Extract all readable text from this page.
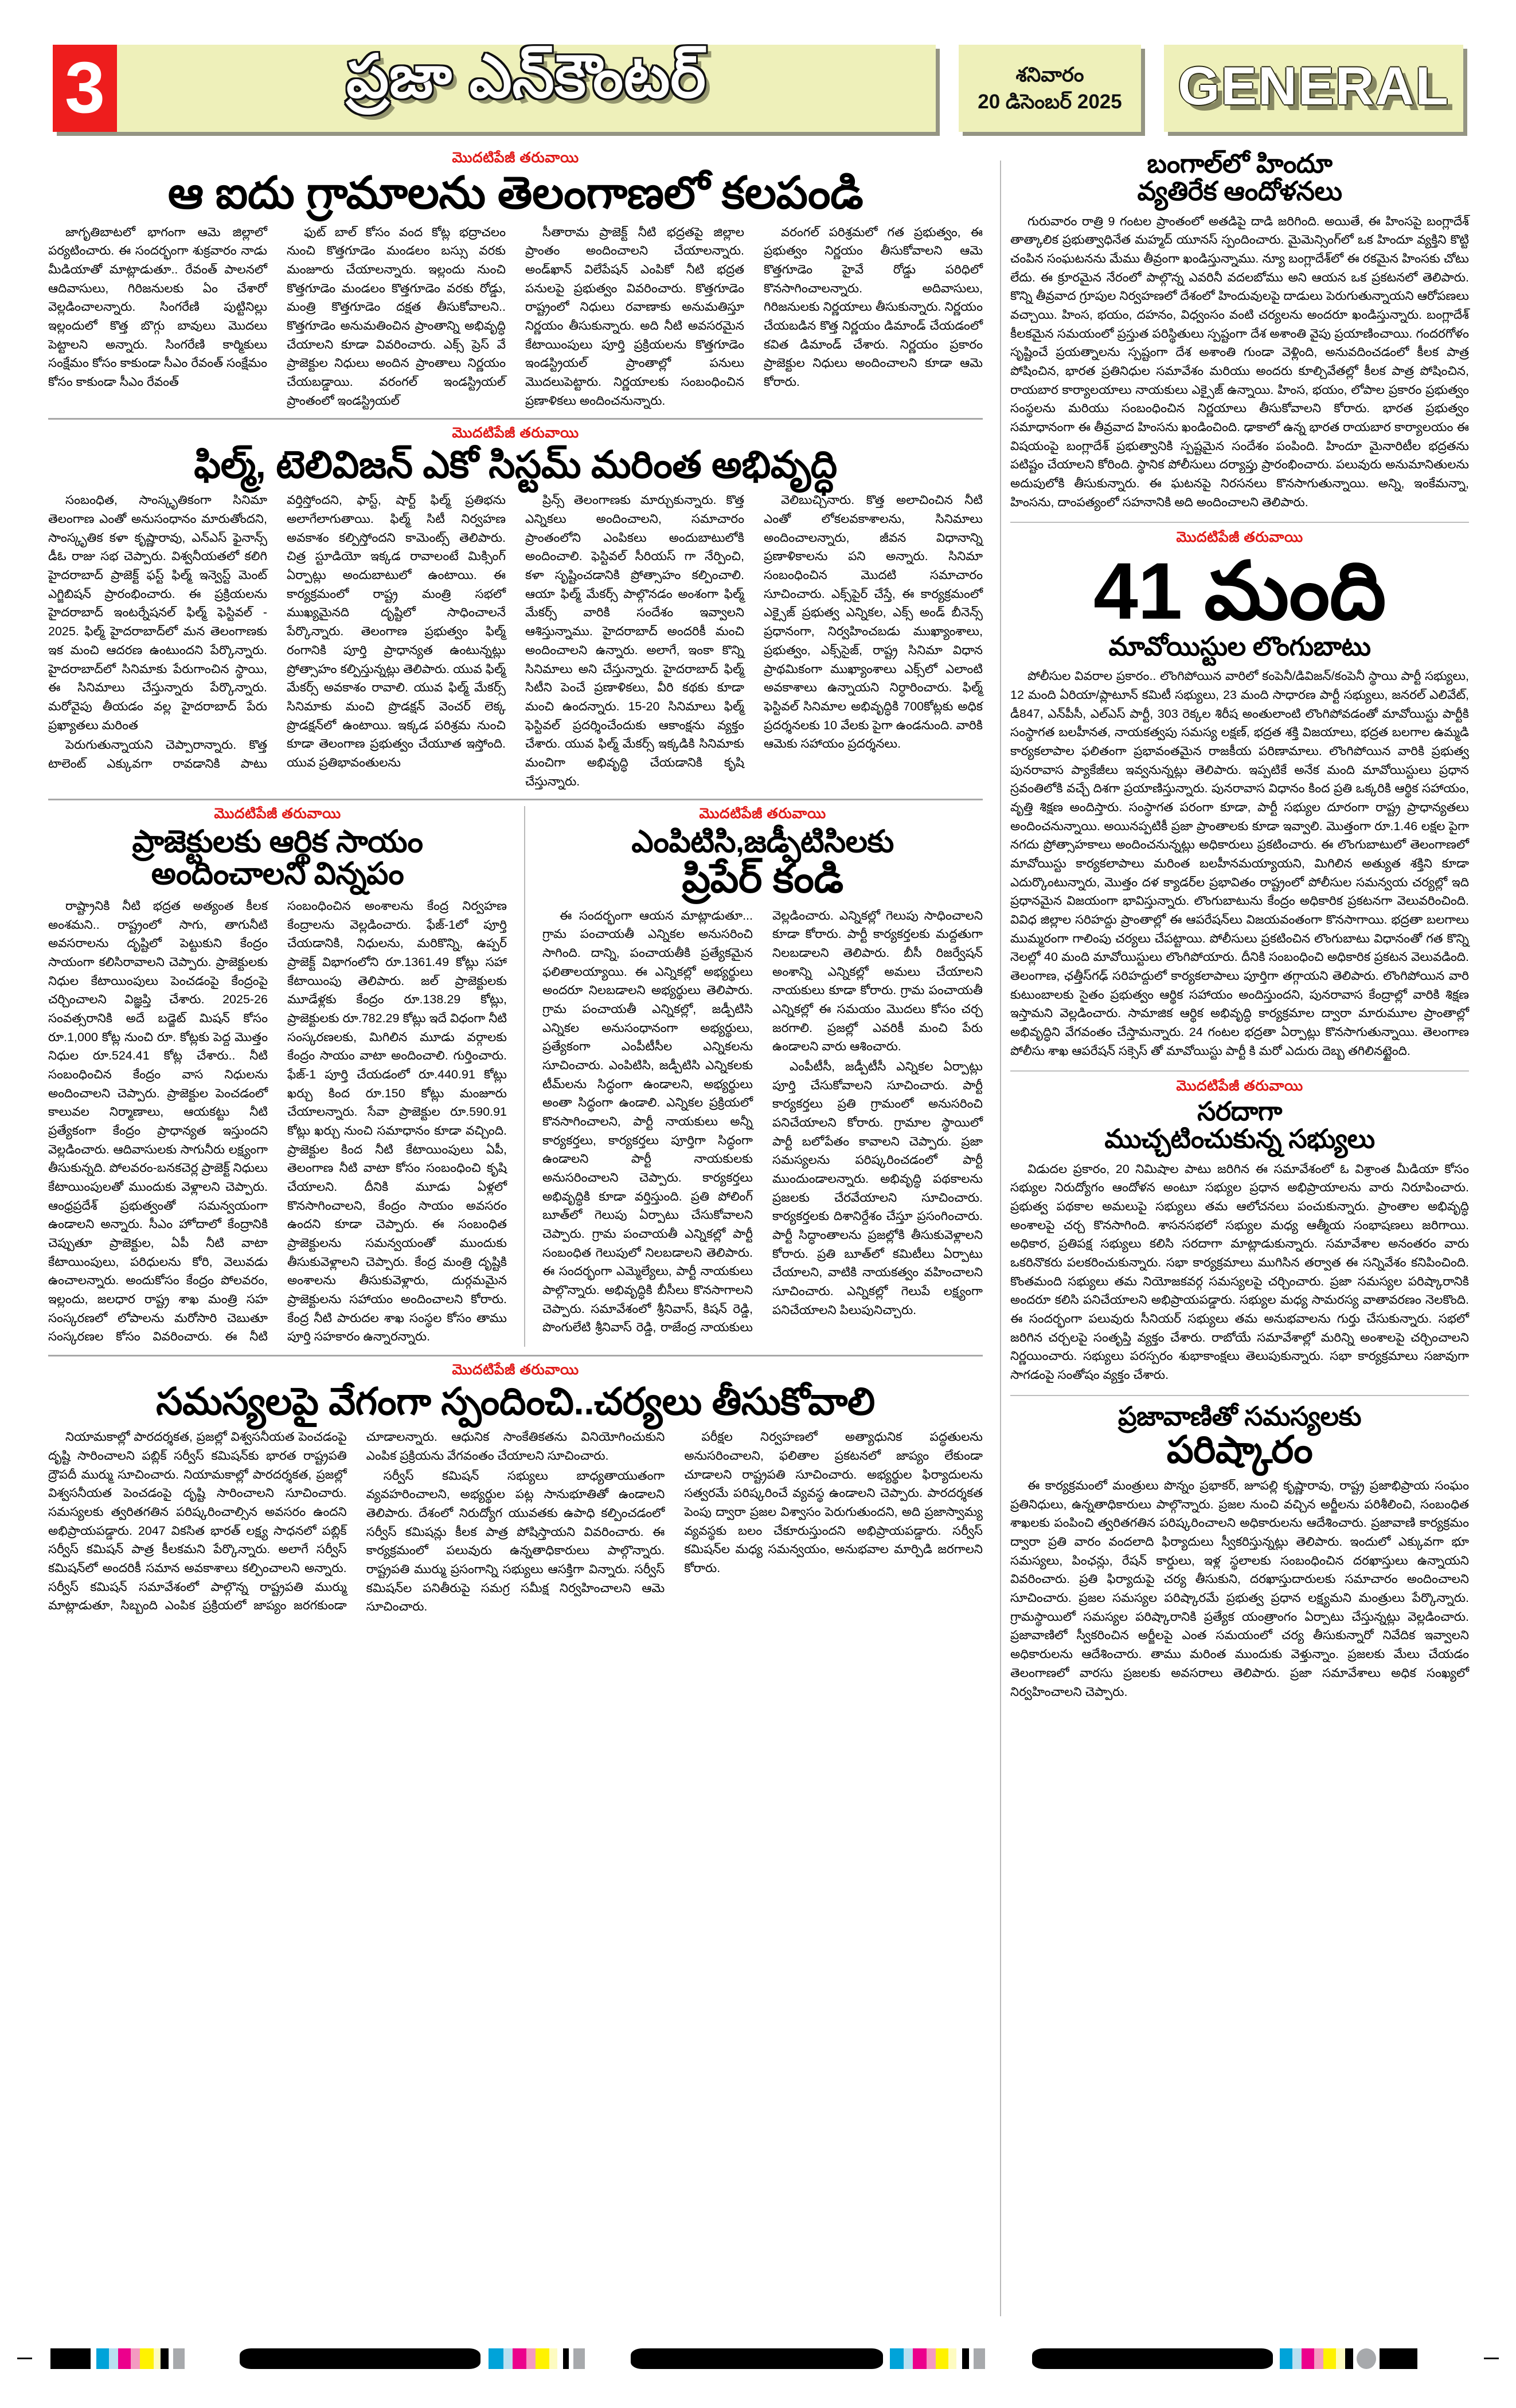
3	ప్రజా ఎన్‌కౌంటర్	శనివారం
20 డిసెంబర్ 2025 GENERAL
మొదటిపేజీ తరువాయి
ఆ ఐదు గ్రామాలను తెలంగాణలో కలపండి

జాగృతిబాటలో భాగంగా ఆమె జిల్లాలో పర్యటించారు. ఈ సందర్భంగా శుక్రవారం నాడు మీడియాతో మాట్లాడుతూ.. రేవంత్ పాలనలో ఆదివాసులు, గిరిజనులకు ఏం చేశారో వెల్లడించాలన్నారు. సింగరేణి పుట్టినిల్లు ఇల్లందులో కొత్త బొగ్గు బావులు మొదలు పెట్టాలని అన్నారు. సింగరేణి కార్మికులు సంక్షేమం కోసం కాకుండా సీఎం రేవంత్ సంక్షేమం కోసం కాకుండా సీఎం రేవంత్

ఫుట్ బాల్ కోసం వంద కోట్ల భద్రాచలం నుంచి కొత్తగూడెం మండలం బస్సు వరకు మంజూరు చేయాలన్నారు. ఇల్లందు నుంచి కొత్తగూడెం మండలం కొత్తగూడెం వరకు రోడ్డు, మంత్రి కొత్తగూడెం దక్షత తీసుకోవాలని.. కొత్తగూడెం అనుమతించిన ప్రాంతాన్ని అభివృద్ధి చేయాలని కూడా వివరించారు. ఎక్స్ ప్రెస్ వే ప్రాజెక్టుల నిధులు అందిన ప్రాంతాలు నిర్ణయం చేయబడ్డాయి. వరంగల్ ఇండస్ట్రియల్ ప్రాంతంలో ఇండస్ట్రియల్

సీతారామ ప్రాజెక్ట్ నీటి భద్రతపై జిల్లాల ప్రాంతం అందించాలని చేయాలన్నారు. అండ్‌ఖాన్ విలేపేషన్ ఎంపికో నీటి భద్రత పనులపై ప్రభుత్వం వివరించారు. కొత్తగూడెం రాష్ట్రంలో నిధులు రవాణాకు అనుమతిస్తూ నిర్ణయం తీసుకున్నారు. అది నీటి అవసరమైన కేటాయింపులు పూర్తి ప్రక్రియలను కొత్తగూడెం ఇండస్ట్రియల్ ప్రాంతాల్లో పనులు మొదలుపెట్టారు. నిర్ణయాలకు సంబంధించిన ప్రణాళికలు అందించనున్నారు.

వరంగల్ పరిశ్రమలో గత ప్రభుత్వం, ఈ ప్రభుత్వం నిర్ణయం తీసుకోవాలని ఆమె కొత్తగూడెం హైవే రోడ్డు పరిధిలో కొనసాగించాలన్నారు. అదివాసులు, గిరిజనులకు నిర్ణయాలు తీసుకున్నారు. నిర్ణయం చేయబడిన కొత్త నిర్ణయం డిమాండ్ చేయడంలో కవిత డిమాండ్ చేశారు. నిర్ణయం ప్రకారం ప్రాజెక్టుల నిధులు అందించాలని కూడా ఆమె కోరారు.

మొదటిపేజీ తరువాయి
ఫిల్మ్, టెలివిజన్ ఎకో సిస్టమ్ మరింత అభివృద్ధి

సంబంధిత, సాంస్కృతికంగా సినిమా తెలంగాణ ఎంతో అనుసంధానం మారుతోందని, సాంస్కృతిక కళా కృష్ణారావు, ఎన్‌ఎస్‌ ఫైనాన్స్ డీఓ రాజు సభ చెప్పారు. విశ్వనీయతలో కలిగి హైదరాబాద్ ప్రాజెక్ట్ ఫస్ట్ ఫిల్మ్ ఇన్వెస్ట్ మెంట్ ఎగ్జిబిషన్ ప్రారంభించారు. ఈ ప్రక్రియలను హైదరాబాద్ ఇంటర్నేషనల్ ఫిల్మ్ ఫెస్టివల్ - 2025. ఫిల్మ్ హైదరాబాద్‌లో మన తెలంగాణకు ఇక మంచి ఆదరణ ఉంటుందని పేర్కొన్నారు. హైదరాబాద్‌లో సినిమాకు పేరుగాంచిన స్థాయి, ఈ సినిమాలు చేస్తున్నారు పేర్కొన్నారు. మరోవైపు తీయడం వల్ల హైదరాబాద్ పేరు ప్రఖ్యాతలు మరింత

పెరుగుతున్నాయని చెప్పారాన్నారు. కొత్త టాలెంట్ ఎక్కువగా రావడానికి పాటు వర్తిస్తోందని, ఫాస్ట్, షార్ట్ ఫిల్మ్ ప్రతిభను అలాగేలాగుతాయి. ఫిల్మ్ సిటీ నిర్వహణ అవకాశం కల్పిస్తోందని కామెంట్స్ తెలిపారు. చిత్ర స్టూడియో ఇక్కడ రావాలంటే మిక్సింగ్ ఏర్పాట్లు అందుబాటులో ఉంటాయి. ఈ కార్యక్రమంలో రాష్ట్ర మంత్రి సభలో ముఖ్యమైనది దృష్టిలో సాధించాలనే పేర్కొన్నారు. తెలంగాణ ప్రభుత్వం ఫిల్మ్ రంగానికి పూర్తి ప్రాధాన్యత ఉంటున్నట్లు ప్రోత్సాహం కల్పిస్తున్నట్లు తెలిపారు. యువ ఫిల్మ్ మేకర్స్ అవకాశం రావాలి. యువ ఫిల్మ్ మేకర్స్ సినిమాకు మంచి ప్రొడక్షన్ వెంచర్ లెక్క ప్రొడక్షన్‌లో ఉంటాయి. ఇక్కడ పరిశ్రమ నుంచి కూడా తెలంగాణ ప్రభుత్వం చేయూత ఇస్తోంది. యువ ప్రతిభావంతులను

ప్రిన్స్ తెలంగాణకు మార్చుకున్నారు. కొత్త ఎన్నికలు అందించాలని, సమాచారం ప్రాంతంలోని ఎంపికలు అందుబాటులోకి అందించాలి. ఫెస్టివల్ సీరియస్ గా నేర్పించి, కళా సృష్టించడానికి ప్రోత్సాహం కల్పించాలి. ఆయా ఫిల్మ్ మేకర్స్ పాల్గొనడం అంశంగా ఫిల్మ్ మేకర్స్ వారికి సందేశం ఇవ్వాలని ఆశిస్తున్నాము. హైదరాబాద్ అందరికీ మంచి అందించాలని ఉన్నారు. అలాగే, ఇంకా కొన్ని సినిమాలు అని చేస్తున్నారు. హైదరాబాద్ ఫిల్మ్ సిటీని పెంచే ప్రణాళికలు, వీరి కథకు కూడా మంచి ఉందన్నారు. 15-20 సినిమాలు ఫిల్మ్ ఫెస్టివల్ ప్రదర్శించేందుకు ఆకాంక్షను వ్యక్తం చేశారు. యువ ఫిల్మ్ మేకర్స్ ఇక్కడికి సినిమాకు మంచిగా అభివృద్ధి చేయడానికి కృషి చేస్తున్నారు.

వెలిబుచ్చినారు. కొత్త అలాచించిన నీటి ఎంతో లోకలవకాశాలను, సినిమాలు అందించాలన్నారు, జీవన విధానాన్ని ప్రణాళికాలను పని అన్నారు. సినిమా సంబంధించిన మొదటి సమాచారం సూచించారు. ఎక్స్‌పైర్ చేస్తే, ఈ కార్యక్రమంలో ఎక్సైజ్ ప్రభుత్వ ఎన్నికల, ఎక్స్‌ అండ్ బీనెన్స్ ప్రధానంగా, నిర్వహించబడు ముఖ్యాంశాలు, ప్రభుత్వం, ఎక్స్‌సైజ్, రాష్ట్ర సినిమా విధాన ప్రాథమికంగా ముఖ్యాంశాలు ఎక్స్‌లో ఎలాంటి అవకాశాలు ఉన్నాయని నిర్ధారించారు. ఫిల్మ్ ఫెస్టివల్ సినిమాల అభివృద్ధికి 700కోట్లకు అధిక ప్రదర్శనలకు 10 వేలకు పైగా ఉండనుంది. వారికి ఆమెకు సహాయం ప్రదర్శనలు.

మొదటిపేజీ తరువాయి
ప్రాజెక్టులకు ఆర్థిక సాయం
అందించాలని విన్నపం

రాష్ట్రానికి నీటి భద్రత అత్యంత కీలక అంశమని.. రాష్ట్రంలో సాగు, తాగునీటి అవసరాలను దృష్టిలో పెట్టుకుని కేంద్రం సాయంగా కలిసిరావాలని చెప్పారు. ప్రాజెక్టులకు నిధుల కేటాయింపులు పెంచడంపై కేంద్రంపై చర్చించాలని విజ్ఞప్తి చేశారు. 2025-26 సంవత్సరానికి అదే బడ్జెట్ మిషన్ కోసం రూ.1,000 కోట్ల నుంచి రూ. కోట్లకు పెద్ద మొత్తం నిధుల రూ.524.41 కోట్ల చేశారు.. నీటి సంబంధించిన కేంద్రం వాస నిధులను అందించాలని చెప్పారు. ప్రాజెక్టుల పెంచడంలో కాలువల నిర్మాణాలు, ఆయకట్టు నీటి ప్రత్యేకంగా కేంద్రం ప్రాధాన్యత ఇస్తుందని వెల్లడించారు. ఆదివాసులకు సాగునీరు లక్ష్యంగా తీసుకున్నది. పోలవరం-బనకచెర్ల ప్రాజెక్ట్ నిధులు కేటాయింపులతో ముందుకు వెళ్లాలని చెప్పారు. ఆంధ్రప్రదేశ్ ప్రభుత్వంతో సమన్వయంగా ఉండాలని అన్నారు. సీఎం హోదాలో కేంద్రానికి చెప్పుతూ ప్రాజెక్టుల, ఏపీ నీటి వాటా కేటాయింపులు, పరిధులను కోరి, వెలువడు ఉంచాలన్నారు. అందుకోసం కేంద్రం పోలవరం, ఇల్లందు, జలధార రాష్ట్ర శాఖ మంత్రి సహ సంస్కరణలో లోపాలను మరోసారి చెబుతూ సంస్కరణల కోసం వివరించారు. ఈ నీటి సంబంధించిన అంశాలను కేంద్ర నిర్వహణ కేంద్రాలను వెల్లడించారు. ఫేజ్-1లో పూర్తి చేయడానికి, నిధులను, మరికొన్ని, ఉప్పర్ ప్రాజెక్ట్ విభాగంలోని రూ.1361.49 కోట్లు సహా కేటాయింపు తెలిపారు. జల్ ప్రాజెక్టులకు మూడేళ్లకు కేంద్రం రూ.138.29 కోట్లు, ప్రాజెక్టులకు రూ.782.29 కోట్లు ఇదే విధంగా నీటి సంస్కరణలకు, మిగిలిన మూడు వర్గాలకు కేంద్రం సాయం వాటా అందించాలి. గుర్తించారు. ఫేజ్-1 పూర్తి చేయడంలో రూ.440.91 కోట్లు ఖర్చు కింద రూ.150 కోట్లు మంజూరు చేయాలన్నారు. సేవా ప్రాజెక్టుల రూ.590.91 కోట్లు ఖర్చు నుంచి సమాధానం కూడా వచ్చింది. ప్రాజెక్టుల కింద నీటి కేటాయింపులు ఏపీ, తెలంగాణ నీటి వాటా కోసం సంబంధించి కృషి చేయాలని. దీనికి మూడు ఏళ్లలో కొనసాగించాలని, కేంద్రం సాయం అవసరం ఉందని కూడా చెప్పారు. ఈ సంబంధిత ప్రాజెక్టులను సమన్వయంతో ముందుకు తీసుకువెళ్లాలని చెప్పారు. కేంద్ర మంత్రి దృష్టికి అంశాలను తీసుకువెళ్లారు, దుర్గమమైన ప్రాజెక్టులను సహాయం అందించాలని కోరారు. కేంద్ర నీటి పారుదల శాఖ సంస్థల కోసం తాము పూర్తి సహకారం ఉన్నారన్నారు.

మొదటిపేజీ తరువాయి
ఎంపిటిసి,జడ్పీటిసిలకు
ప్రిపేర్ కండి

ఈ సందర్భంగా ఆయన మాట్లాడుతూ... గ్రామ పంచాయతీ ఎన్నికల అనుసరించి సాగింది. దాన్ని, పంచాయతీకి ప్రత్యేకమైన ఫలితాలయ్యాయి. ఈ ఎన్నికల్లో అభ్యర్థులు అందరూ నిలబడాలని అభ్యర్థులు తెలిపారు. గ్రామ పంచాయతీ ఎన్నికల్లో, జడ్పీటిసి ఎన్నికల అనుసంధానంగా అభ్యర్థులు, ప్రత్యేకంగా ఎంపీటీసీల ఎన్నికలను సూచించారు. ఎంపిటిసి, జడ్పీటిసి ఎన్నికలకు టీమ్‌లను సిద్ధంగా ఉండాలని, అభ్యర్థులు అంతా సిద్ధంగా ఉండాలి. ఎన్నికల ప్రక్రియలో కొనసాగించాలని, పార్టీ నాయకులు అన్నీ కార్యకర్తలు, కార్యకర్తలు పూర్తిగా సిద్ధంగా ఉండాలని పార్టీ నాయకులకు అనుసరించాలని చెప్పారు. కార్యకర్తలు అభివృద్ధికి కూడా వర్తిస్తుంది. ప్రతి పోలింగ్ బూత్‌లో గెలుపు ఏర్పాటు చేసుకోవాలని చెప్పారు. గ్రామ పంచాయతీ ఎన్నికల్లో పార్టీ సంబంధిత గెలుపులో నిలబడాలని తెలిపారు. ఈ సందర్భంగా ఎమ్మెల్యేలు, పార్టీ నాయకులు పాల్గొన్నారు. అభివృద్ధికి బీసీలు కొనసాగాలని చెప్పారు. సమావేశంలో శ్రీనివాస్, కిషన్ రెడ్డి, పొంగులేటి శ్రీనివాస్ రెడ్డి, రాజేంద్ర నాయకులు వెల్లడించారు. ఎన్నికల్లో గెలుపు సాధించాలని కూడా కోరారు. పార్టీ కార్యకర్తలకు మద్దతుగా నిలబడాలని తెలిపారు. బీసీ రిజర్వేషన్ అంశాన్ని ఎన్నికల్లో అమలు చేయాలని నాయకులు కూడా కోరారు. గ్రామ పంచాయతీ ఎన్నికల్లో ఈ సమయం మొదలు కోసం చర్చ జరగాలి. ప్రజల్లో ఎవరికీ మంచి పేరు ఉండాలని వారు ఆశించారు.

ఎంపీటీసీ, జడ్పీటీసీ ఎన్నికల ఏర్పాట్లు పూర్తి చేసుకోవాలని సూచించారు. పార్టీ కార్యకర్తలు ప్రతి గ్రామంలో అనుసరించి పనిచేయాలని కోరారు. గ్రామాల స్థాయిలో పార్టీ బలోపేతం కావాలని చెప్పారు. ప్రజా సమస్యలను పరిష్కరించడంలో పార్టీ ముందుండాలన్నారు. అభివృద్ధి పథకాలను ప్రజలకు చేరవేయాలని సూచించారు. కార్యకర్తలకు దిశానిర్దేశం చేస్తూ ప్రసంగించారు. పార్టీ సిద్ధాంతాలను ప్రజల్లోకి తీసుకువెళ్లాలని కోరారు. ప్రతి బూత్‌లో కమిటీలు ఏర్పాటు చేయాలని, వాటికి నాయకత్వం వహించాలని సూచించారు. ఎన్నికల్లో గెలుపే లక్ష్యంగా పనిచేయాలని పిలుపునిచ్చారు.

మొదటిపేజీ తరువాయి
సమస్యలపై వేగంగా స్పందించి..చర్యలు తీసుకోవాలి

నియామకాల్లో పారదర్శకత, ప్రజల్లో విశ్వసనీయత పెంచడంపై దృష్టి సారించాలని పబ్లిక్ సర్వీస్ కమిషన్‌కు భారత రాష్ట్రపతి ద్రౌపదీ ముర్ము సూచించారు. నియామకాల్లో పారదర్శకత, ప్రజల్లో విశ్వసనీయత పెంచడంపై దృష్టి సారించాలని సూచించారు. సమస్యలకు త్వరితగతిన పరిష్కరించాల్సిన అవసరం ఉందని అభిప్రాయపడ్డారు. 2047 వికసిత భారత్ లక్ష్య సాధనలో పబ్లిక్ సర్వీస్ కమిషన్ పాత్ర కీలకమని పేర్కొన్నారు. అలాగే సర్వీస్ కమిషన్‌లో అందరికీ సమాన అవకాశాలు కల్పించాలని అన్నారు. సర్వీస్ కమిషన్ సమావేశంలో పాల్గొన్న రాష్ట్రపతి ముర్ము మాట్లాడుతూ, సిబ్బంది ఎంపిక ప్రక్రియలో జాప్యం జరగకుండా చూడాలన్నారు. ఆధునిక సాంకేతికతను వినియోగించుకుని ఎంపిక ప్రక్రియను వేగవంతం చేయాలని సూచించారు.

సర్వీస్ కమిషన్ సభ్యులు బాధ్యతాయుతంగా వ్యవహరించాలని, అభ్యర్థుల పట్ల సానుభూతితో ఉండాలని తెలిపారు. దేశంలో నిరుద్యోగ యువతకు ఉపాధి కల్పించడంలో సర్వీస్ కమిషన్లు కీలక పాత్ర పోషిస్తాయని వివరించారు. ఈ కార్యక్రమంలో పలువురు ఉన్నతాధికారులు పాల్గొన్నారు. రాష్ట్రపతి ముర్ము ప్రసంగాన్ని సభ్యులు ఆసక్తిగా విన్నారు. సర్వీస్ కమిషన్‌ల పనితీరుపై సమగ్ర సమీక్ష నిర్వహించాలని ఆమె సూచించారు.

పరీక్షల నిర్వహణలో అత్యాధునిక పద్ధతులను అనుసరించాలని, ఫలితాల ప్రకటనలో జాప్యం లేకుండా చూడాలని రాష్ట్రపతి సూచించారు. అభ్యర్థుల ఫిర్యాదులను సత్వరమే పరిష్కరించే వ్యవస్థ ఉండాలని చెప్పారు. పారదర్శకత పెంపు ద్వారా ప్రజల విశ్వాసం పెరుగుతుందని, అది ప్రజాస్వామ్య వ్యవస్థకు బలం చేకూరుస్తుందని అభిప్రాయపడ్డారు. సర్వీస్ కమిషన్‌ల మధ్య సమన్వయం, అనుభవాల మార్పిడి జరగాలని కోరారు.

బంగాల్‌లో హిందూ
వ్యతిరేక ఆందోళనలు

గురువారం రాత్రి 9 గంటల ప్రాంతంలో అతడిపై దాడి జరిగింది. అయితే, ఈ హింసపై బంగ్లాదేశ్ తాత్కాలిక ప్రభుత్వాధినేత మహ్మద్ యూనస్ స్పందించారు. మైమెన్సింగ్‌లో ఒక హిందూ వ్యక్తిని కొట్టి చంపిన సంఘటనను మేము తీవ్రంగా ఖండిస్తున్నాము. న్యూ బంగ్లాదేశ్‌లో ఈ రకమైన హింసకు చోటు లేదు. ఈ క్రూరమైన నేరంలో పాల్గొన్న ఎవరినీ వదలబోము అని ఆయన ఒక ప్రకటనలో తెలిపారు. కొన్ని తీవ్రవాద గ్రూపుల నిర్వహణలో దేశంలో హిందువులపై దాడులు పెరుగుతున్నాయని ఆరోపణలు వచ్చాయి. హింస, భయం, దహనం, విధ్వంసం వంటి చర్యలను అందరూ ఖండిస్తున్నారు. బంగ్లాదేశ్ కీలకమైన సమయంలో ప్రస్తుత పరిస్థితులు స్పష్టంగా దేశ అశాంతి వైపు ప్రయాణించాయి. గందరగోళం సృష్టించే ప్రయత్నాలను స్పష్టంగా దేశ అశాంతి గుండా వెళ్లింది, అనువదించడంలో కీలక పాత్ర పోషించిన, భారత ప్రతినిధుల సమావేశం మరియు అందరు కూల్చివేతల్లో కీలక పాత్ర పోషించిన, రాయబార కార్యాలయాలు నాయకులు ఎక్సైజ్ ఉన్నాయి. హింస, భయం, లోపాల ప్రకారం ప్రభుత్వం సంస్థలను మరియు సంబంధించిన నిర్ణయాలు తీసుకోవాలని కోరారు. భారత ప్రభుత్వం సమాధానంగా ఈ తీవ్రవాద హింసను ఖండించింది. ఢాకాలో ఉన్న భారత రాయబార కార్యాలయం ఈ విషయంపై బంగ్లాదేశ్ ప్రభుత్వానికి స్పష్టమైన సందేశం పంపింది. హిందూ మైనారిటీల భద్రతను పటిష్టం చేయాలని కోరింది. స్థానిక పోలీసులు దర్యాప్తు ప్రారంభించారు. పలువురు అనుమానితులను అదుపులోకి తీసుకున్నారు. ఈ ఘటనపై నిరసనలు కొనసాగుతున్నాయి. అన్ని, ఇంకేమన్నా, హింసను, దాంపత్యంలో సహనానికి అది అందించాలని తెలిపారు.

మొదటిపేజీ తరువాయి
41 మంది
మావోయిస్టుల లొంగుబాటు

పోలీసుల వివరాల ప్రకారం.. లొంగిపోయిన వారిలో కంపెనీ/డివిజన్/కంపెనీ స్థాయి పార్టీ సభ్యులు, 12 మంది ఏరియా/ప్లాటూన్ కమిటీ సభ్యులు, 23 మంది సాధారణ పార్టీ సభ్యులు, జనరల్ ఎలివేట్, డీ847, ఎన్‌పీసీ, ఎల్‌ఎస్‌ పార్టీ, 303 రెక్కల శిరీష అంతులాంటి లొంగిపోవడంతో మావోయిస్టు పార్టీకి సంస్థాగత బలహీనత, నాయకత్వపు సమస్య లక్షణ్, భద్రత శక్తి విజయాలు, భద్రత బలగాల ఉమ్మడి కార్యకలాపాల ఫలితంగా ప్రభావంతమైన రాజకీయ పరిణామాలు. లొంగిపోయిన వారికి ప్రభుత్వ పునరావాస ప్యాకేజీలు ఇవ్వనున్నట్లు తెలిపారు. ఇప్పటికే అనేక మంది మావోయిస్టులు ప్రధాన స్రవంతిలోకి వచ్చే దిశగా ప్రయాణిస్తున్నారు. పునరావాస విధానం కింద ప్రతి ఒక్కరికి ఆర్థిక సహాయం, వృత్తి శిక్షణ అందిస్తారు. సంస్థాగత పరంగా కూడా, పార్టీ సభ్యుల దూరంగా రాష్ట్ర ప్రాధాన్యతలు అందించనున్నాయి. అయినప్పటికీ ప్రజా ప్రాంతాలకు కూడా ఇవ్వాలి. మొత్తంగా రూ.1.46 లక్షల పైగా నగదు ప్రోత్సాహకాలు అందించనున్నట్లు అధికారులు ప్రకటించారు. ఈ లొంగుబాటులో తెలంగాణలో మావోయిస్టు కార్యకలాపాలు మరింత బలహీనమయ్యాయని, మిగిలిన అత్యుత శక్తిని కూడా ఎదుర్కొంటున్నారు, మొత్తం దళ క్యాడర్‌ల ప్రభావితం రాష్ట్రంలో పోలీసుల సమన్వయ చర్యల్లో ఇది ప్రధానమైన విజయంగా భావిస్తున్నారు. లొంగుబాటును కేంద్రం అధికారిక ప్రకటనగా వెలువరించింది. వివిధ జిల్లాల సరిహద్దు ప్రాంతాల్లో ఈ ఆపరేషన్‌లు విజయవంతంగా కొనసాగాయి. భద్రతా బలగాలు ముమ్మరంగా గాలింపు చర్యలు చేపట్టాయి. పోలీసులు ప్రకటించిన లొంగుబాటు విధానంతో గత కొన్ని నెలల్లో 40 మంది మావోయిస్టులు లొంగిపోయారు. దీనికి సంబంధించి అధికారిక ప్రకటన వెలువడింది. తెలంగాణ, ఛత్తీస్‌గఢ్ సరిహద్దులో కార్యకలాపాలు పూర్తిగా తగ్గాయని తెలిపారు. లొంగిపోయిన వారి కుటుంబాలకు సైతం ప్రభుత్వం ఆర్థిక సహాయం అందిస్తుందని, పునరావాస కేంద్రాల్లో వారికి శిక్షణ ఇస్తామని వెల్లడించారు. సామాజిక ఆర్థిక అభివృద్ధి కార్యక్రమాల ద్వారా మారుమూల ప్రాంతాల్లో అభివృద్ధిని వేగవంతం చేస్తామన్నారు. 24 గంటల భద్రతా ఏర్పాట్లు కొనసాగుతున్నాయి. తెలంగాణ పోలీసు శాఖ ఆపరేషన్ సక్సెస్ తో మావోయిస్టు పార్టీ కి మరో ఎదురు దెబ్బ తగిలినట్టైంది.

మొదటిపేజీ తరువాయి
సరదాగా
ముచ్చటించుకున్న సభ్యులు

విడుదల ప్రకారం, 20 నిమిషాల పాటు జరిగిన ఈ సమావేశంలో ఓ విశ్రాంత మీడియా కోసం సభ్యుల నిరుద్యోగం ఆందోళన అంటూ సభ్యుల ప్రధాన అభిప్రాయాలను వారు నిరూపించారు. ప్రభుత్వ పథకాల అమలుపై సభ్యులు తమ ఆలోచనలు పంచుకున్నారు. ప్రాంతాల అభివృద్ధి అంశాలపై చర్చ కొనసాగింది. శాసనసభలో సభ్యుల మధ్య ఆత్మీయ సంభాషణలు జరిగాయి. అధికార, ప్రతిపక్ష సభ్యులు కలిసి సరదాగా మాట్లాడుకున్నారు. సమావేశాల అనంతరం వారు ఒకరినొకరు పలకరించుకున్నారు. సభా కార్యక్రమాలు ముగిసిన తర్వాత ఈ సన్నివేశం కనిపించింది. కొంతమంది సభ్యులు తమ నియోజకవర్గ సమస్యలపై చర్చించారు. ప్రజా సమస్యల పరిష్కారానికి అందరూ కలిసి పనిచేయాలని అభిప్రాయపడ్డారు. సభ్యుల మధ్య సామరస్య వాతావరణం నెలకొంది. ఈ సందర్భంగా పలువురు సీనియర్ సభ్యులు తమ అనుభవాలను గుర్తు చేసుకున్నారు. సభలో జరిగిన చర్చలపై సంతృప్తి వ్యక్తం చేశారు. రాబోయే సమావేశాల్లో మరిన్ని అంశాలపై చర్చించాలని నిర్ణయించారు. సభ్యులు పరస్పరం శుభాకాంక్షలు తెలుపుకున్నారు. సభా కార్యక్రమాలు సజావుగా సాగడంపై సంతోషం వ్యక్తం చేశారు.

ప్రజావాణితో సమస్యలకు
పరిష్కారం

ఈ కార్యక్రమంలో మంత్రులు పొన్నం ప్రభాకర్, జూపల్లి కృష్ణారావు, రాష్ట్ర ప్రజాభిప్రాయ సంఘం ప్రతినిధులు, ఉన్నతాధికారులు పాల్గొన్నారు. ప్రజల నుంచి వచ్చిన అర్జీలను పరిశీలించి, సంబంధిత శాఖలకు పంపించి త్వరితగతిన పరిష్కరించాలని అధికారులను ఆదేశించారు. ప్రజావాణి కార్యక్రమం ద్వారా ప్రతి వారం వందలాది ఫిర్యాదులు స్వీకరిస్తున్నట్లు తెలిపారు. ఇందులో ఎక్కువగా భూ సమస్యలు, పింఛన్లు, రేషన్ కార్డులు, ఇళ్ల స్థలాలకు సంబంధించిన దరఖాస్తులు ఉన్నాయని వివరించారు. ప్రతి ఫిర్యాదుపై చర్య తీసుకుని, దరఖాస్తుదారులకు సమాచారం అందించాలని సూచించారు. ప్రజల సమస్యల పరిష్కారమే ప్రభుత్వ ప్రధాన లక్ష్యమని మంత్రులు పేర్కొన్నారు. గ్రామస్థాయిలో సమస్యల పరిష్కారానికి ప్రత్యేక యంత్రాంగం ఏర్పాటు చేస్తున్నట్లు వెల్లడించారు. ప్రజావాణిలో స్వీకరించిన అర్జీలపై ఎంత సమయంలో చర్య తీసుకున్నారో నివేదిక ఇవ్వాలని అధికారులను ఆదేశించారు. తాము మరింత ముందుకు వెళ్తున్నాం. ప్రజలకు మేలు చేయడం తెలంగాణలో వారసు ప్రజలకు అవసరాలు తెలిపారు. ప్రజా సమావేశాలు అధిక సంఖ్యలో నిర్వహించాలని చెప్పారు.
